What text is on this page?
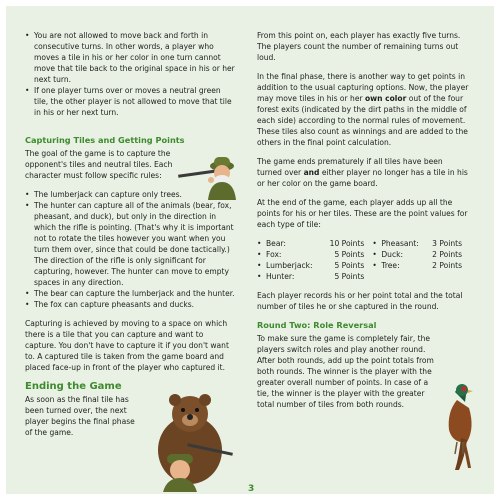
• You are not allowed to move back and forth in consecutive turns. In other words, a player who moves a tile in his or her color in one turn cannot move that tile back to the original space in his or her next turn.
• If one player turns over or moves a neutral green tile, the other player is not allowed to move that tile in his or her next turn.
Capturing Tiles and Getting Points

The goal of the game is to capture the opponent's tiles and neutral tiles. Each character must follow specific rules:

• The lumberjack can capture only trees.
• The hunter can capture all of the animals (bear, fox, pheasant, and duck), but only in the direction in which the rifle is pointing. (That's why it is important not to rotate the tiles however you want when you turn them over, since that could be done tactically.) The direction of the rifle is only significant for capturing, however. The hunter can move to empty spaces in any direction.
• The bear can capture the lumberjack and the hunter.
• The fox can capture pheasants and ducks.

Capturing is achieved by moving to a space on which there is a tile that you can capture and want to capture. You don't have to capture it if you don't want to. A captured tile is taken from the game board and placed face-up in front of the player who captured it.

Ending the Game

As soon as the final tile has been turned over, the next player begins the final phase of the game.

From this point on, each player has exactly five turns. The players count the number of remaining turns out loud.

In the final phase, there is another way to get points in addition to the usual capturing options. Now, the player may move tiles in his or her own color out of the four forest exits (indicated by the dirt paths in the middle of each side) according to the normal rules of movement. These tiles also count as winnings and are added to the others in the final point calculation.

The game ends prematurely if all tiles have been turned over and either player no longer has a tile in his or her color on the game board.

At the end of the game, each player adds up all the points for his or her tiles. These are the point values for each type of tile:

• Bear:	10 Points	• Pheasant:	3 Points
• Fox:	5 Points	• Duck:	2 Points
• Lumberjack:	5 Points	• Tree:	2 Points
• Hunter:	5 Points		

Each player records his or her point total and the total number of tiles he or she captured in the round.

Round Two: Role Reversal

To make sure the game is completely fair, the players switch roles and play another round. After both rounds, add up the point totals from both rounds. The winner is the player with the greater overall number of points. In case of a tie, the winner is the player with the greater total number of tiles from both rounds.

3
